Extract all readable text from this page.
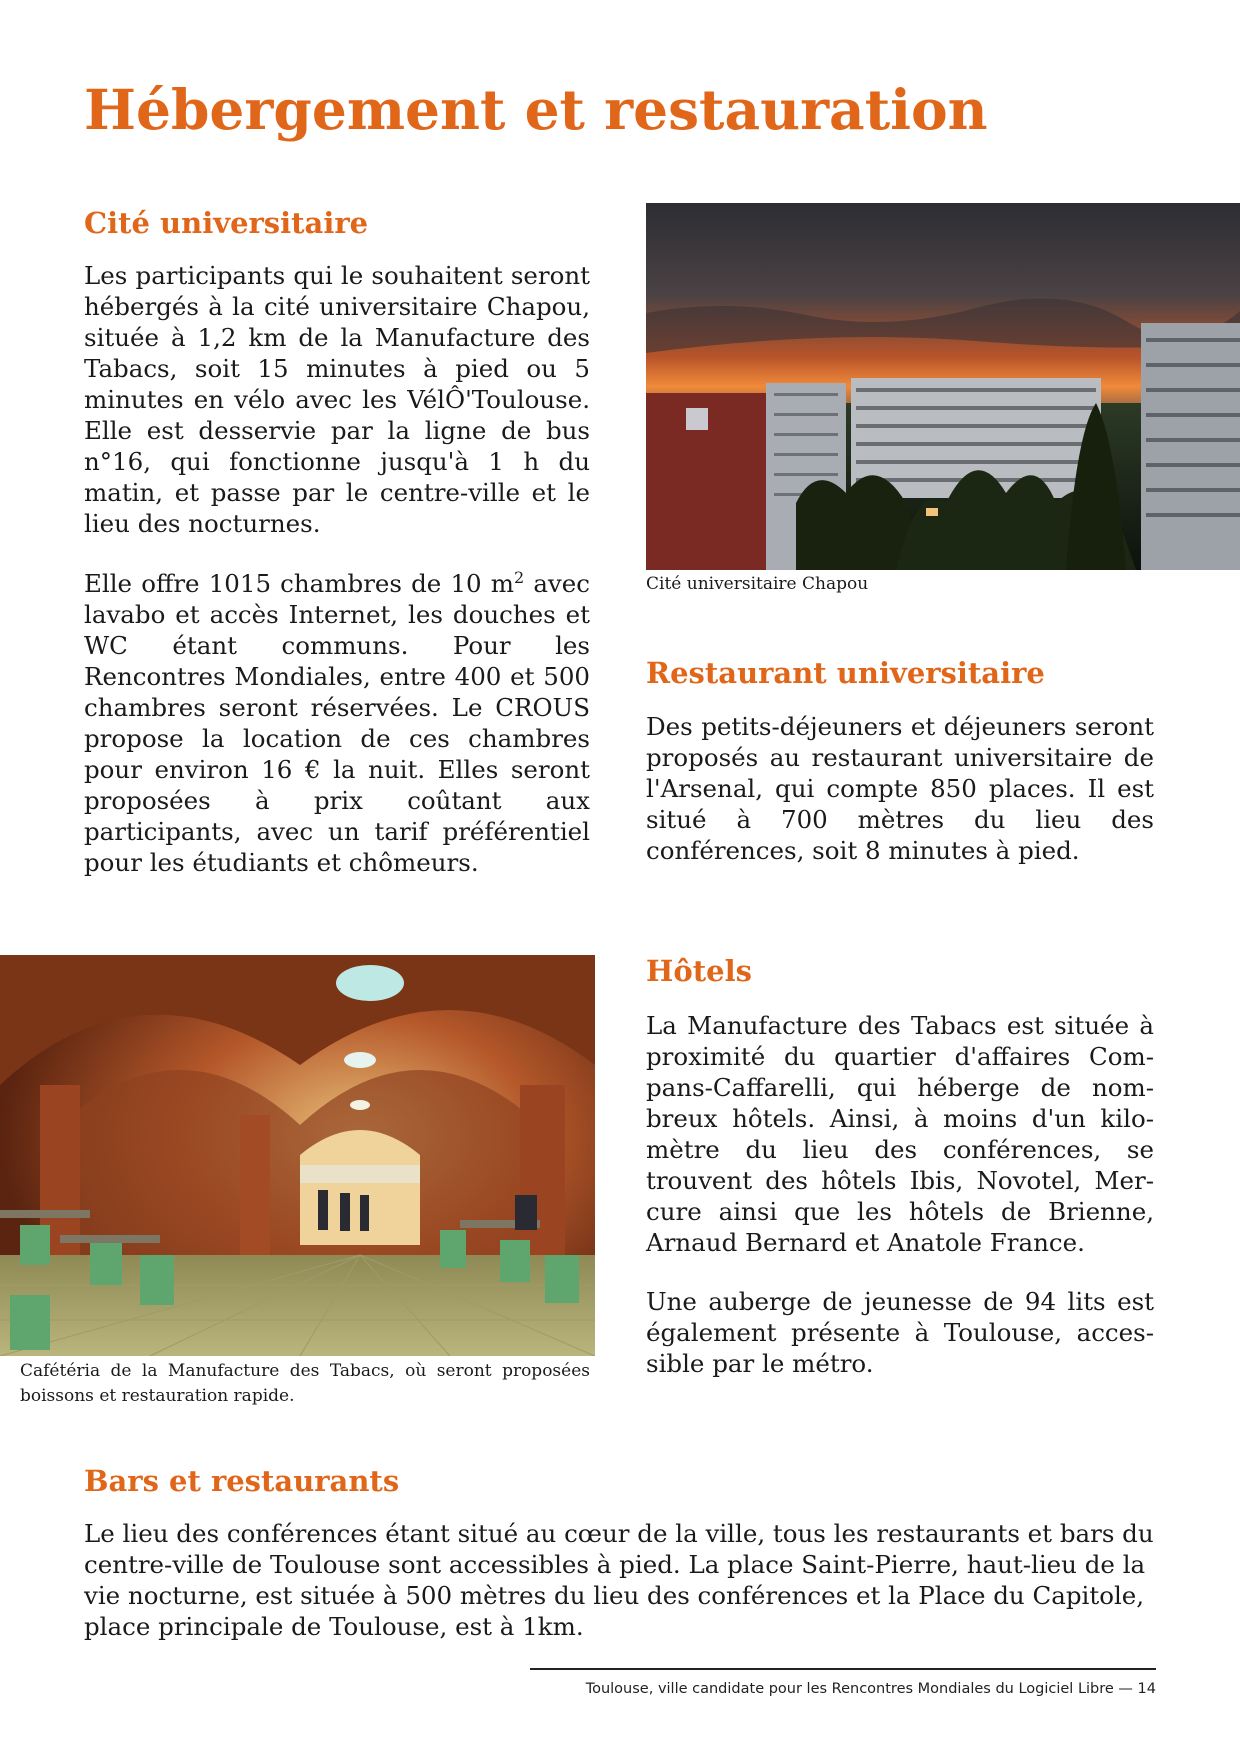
Hébergement et restauration
Cité universitaire

Les participants qui le souhaitent seront hébergés à la cité universitaire Chapou, située à 1,2 km de la Manufacture des Tabacs, soit 15 minutes à pied ou 5 minutes en vélo avec les VélÔ'Toulouse. Elle est desservie par la ligne de bus n°16, qui fonctionne jusqu'à 1 h du matin, et passe par le centre-ville et le lieu des nocturnes.

Elle offre 1015 chambres de 10 $m^2$ avec lavabo et accès Internet, les douches et WC étant communs. Pour les Rencontres Mondiales, entre 400 et 500 chambres seront réservées. Le CROUS propose la location de ces chambres pour environ 16 € la nuit. Elles seront proposées à prix coûtant aux participants, avec un tarif préférentiel pour les étudiants et chômeurs.

Cité universitaire Chapou

Restaurant universitaire

Des petits-déjeuners et déjeuners seront proposés au restaurant universitaire de l'Arsenal, qui compte 850 places. Il est situé à 700 mètres du lieu des conférences, soit 8 minutes à pied.

Cafétéria de la Manufacture des Tabacs, où seront proposées boissons et restauration rapide.

Hôtels

La Manufacture des Tabacs est située à proximité du quartier d'affaires Compans-Caffarelli, qui héberge de nombreux hôtels. Ainsi, à moins d'un kilomètre du lieu des conférences, se trouvent des hôtels Ibis, Novotel, Mercure ainsi que les hôtels de Brienne, Arnaud Bernard et Anatole France.

Une auberge de jeunesse de 94 lits est également présente à Toulouse, accessible par le métro.

Bars et restaurants

Le lieu des conférences étant situé au cœur de la ville, tous les restaurants et bars du centre-ville de Toulouse sont accessibles à pied. La place Saint-Pierre, haut-lieu de la vie nocturne, est située à 500 mètres du lieu des conférences et la Place du Capitole, place principale de Toulouse, est à 1km.

Toulouse, ville candidate pour les Rencontres Mondiales du Logiciel Libre — 14
